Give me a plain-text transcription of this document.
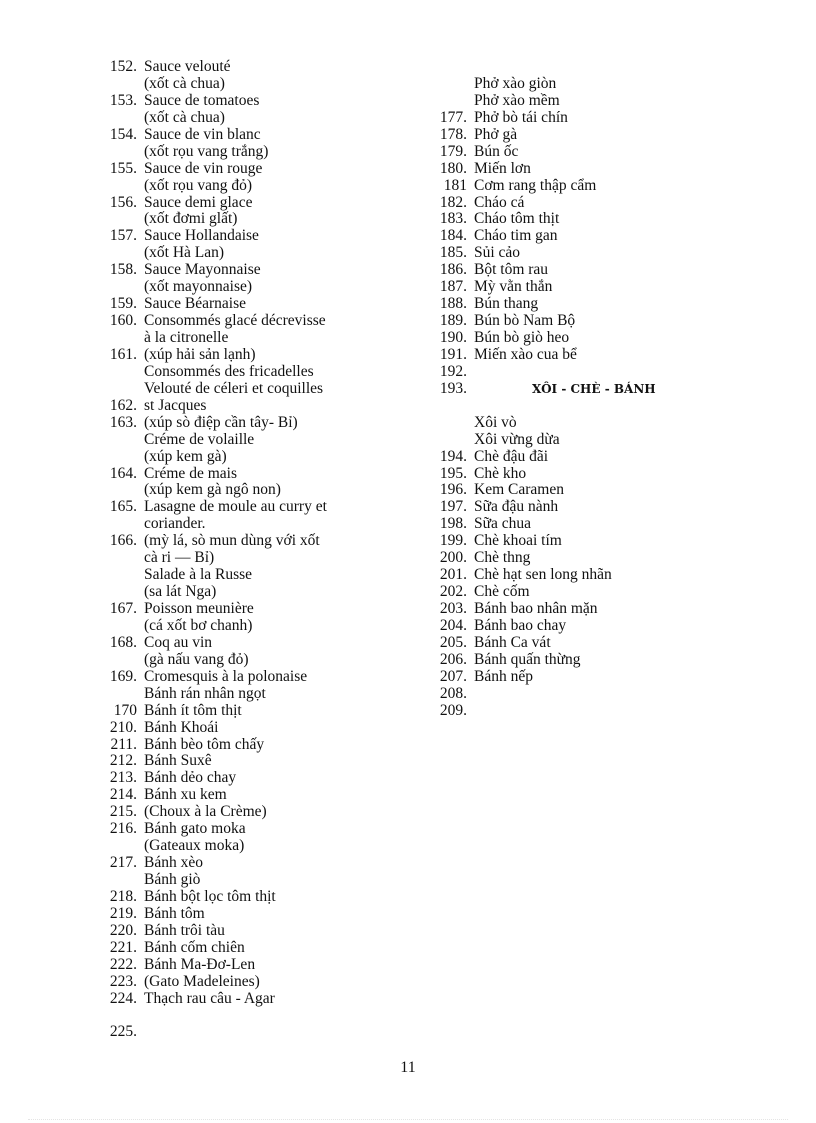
152. Sauce velouté
(xốt cà chua)
153. Sauce de tomatoes
(xốt cà chua)
154. Sauce de vin blanc
(xốt rọu vang trắng)
155. Sauce de vin rouge
(xốt rọu vang đỏ)
156. Sauce demi glace
(xốt đơmi glất)
157. Sauce Hollandaise
(xốt Hà Lan)
158. Sauce Mayonnaise
(xốt mayonnaise)
159. Sauce Béarnaise
160. Consommés glacé décrevisse
à la citronelle
161. (xúp hải sản lạnh)
Consommés des fricadelles
Velouté de céleri et coquilles
162. st Jacques
163. (xúp sò điệp cần tây- Bỉ)
Créme de volaille
(xúp kem gà)
164. Créme de mais
(xúp kem gà ngô non)
165. Lasagne de moule au curry et
coriander.
166. (mỳ lá, sò mun dùng với xốt
cà ri — Bỉ)
Salade à la Russe
(sa lát Nga)
167. Poisson meunière
(cá xốt bơ chanh)
168. Coq au vin
(gà nấu vang đỏ)
169. Cromesquis à la polonaise
Bánh rán nhân ngọt
170 Bánh ít tôm thịt
210. Bánh Khoái
211. Bánh bèo tôm chấy
212. Bánh Suxê
213. Bánh dẻo chay
214. Bánh xu kem
215. (Choux à la Crème)
216. Bánh gato moka
(Gateaux moka)
217. Bánh xèo
Bánh giò
218. Bánh bột lọc tôm thịt
219. Bánh tôm
220. Bánh trôi tàu
221. Bánh cốm chiên
222. Bánh Ma-Đơ-Len
223. (Gato Madeleines)
224. Thạch rau câu - Agar
225.
Phở xào giòn
Phở xào mềm
177. Phở bò tái chín
178. Phở gà
179. Bún ốc
180. Miến lơn
181 Cơm rang thập cẩm
182. Cháo cá
183. Cháo tôm thịt
184. Cháo tim gan
185. Sủi cảo
186. Bột tôm rau
187. Mỳ vằn thắn
188. Bún thang
189. Bún bò Nam Bộ
190. Bún bò giò heo
191. Miến xào cua bể
192.
193.	XÔI - CHÈ - BÁNH
Xôi vò
Xôi vừng dừa
194. Chè đậu đãi
195. Chè kho
196. Kem Caramen
197. Sữa đậu nành
198. Sữa chua
199. Chè khoai tím
200. Chè thng
201. Chè hạt sen long nhãn
202. Chè cốm
203. Bánh bao nhân mặn
204. Bánh bao chay
205. Bánh Ca vát
206. Bánh quấn thừng
207. Bánh nếp
208.
209.
11
